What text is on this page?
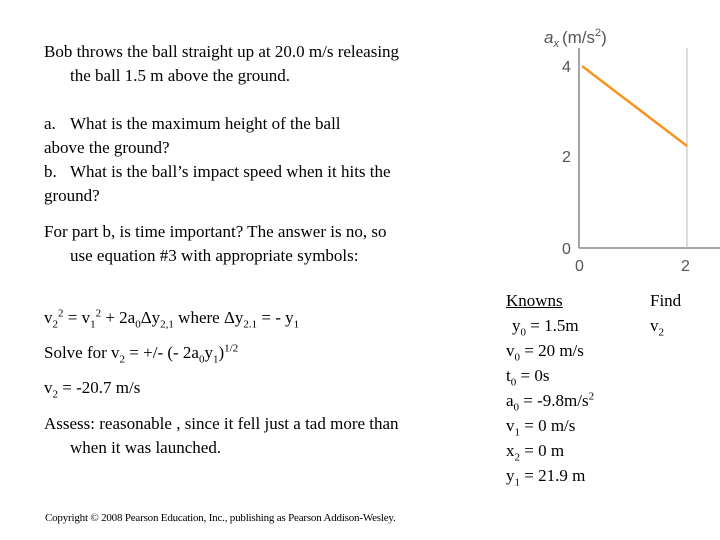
Bob throws the ball straight up at 20.0 m/s releasing the ball 1.5 m above the ground.
a. What is the maximum height of the ball above the ground?
b. What is the ball’s impact speed when it hits the ground?
For part b, is time important? The answer is no, so use equation #3 with appropriate symbols:
$v_2^2 = v_1^2 + 2a_0\Delta y_{2,1}$ where $\Delta y_{2.1}$ = - $y_1$
Solve for $v_2$ = +/- (- $2a_0y_1)^{1/2}$
$v_2 = -20.7$ m/s
Assess: reasonable , since it fell just a tad more than when it was launched.
Knowns
$y_0 = 1.5m$
$v_0 = 20$ m/s
$t_0 = 0s$
$a_0 = -9.8m/s^2$
$v_1 = 0$ m/s
$x_2 = 0$ m
$y_1 = 21.9$ m
Find
$v_2$
$a_x$ $(m/s^2)$
4
2
0
0	2
Copyright © 2008 Pearson Education, Inc., publishing as Pearson Addison-Wesley.
